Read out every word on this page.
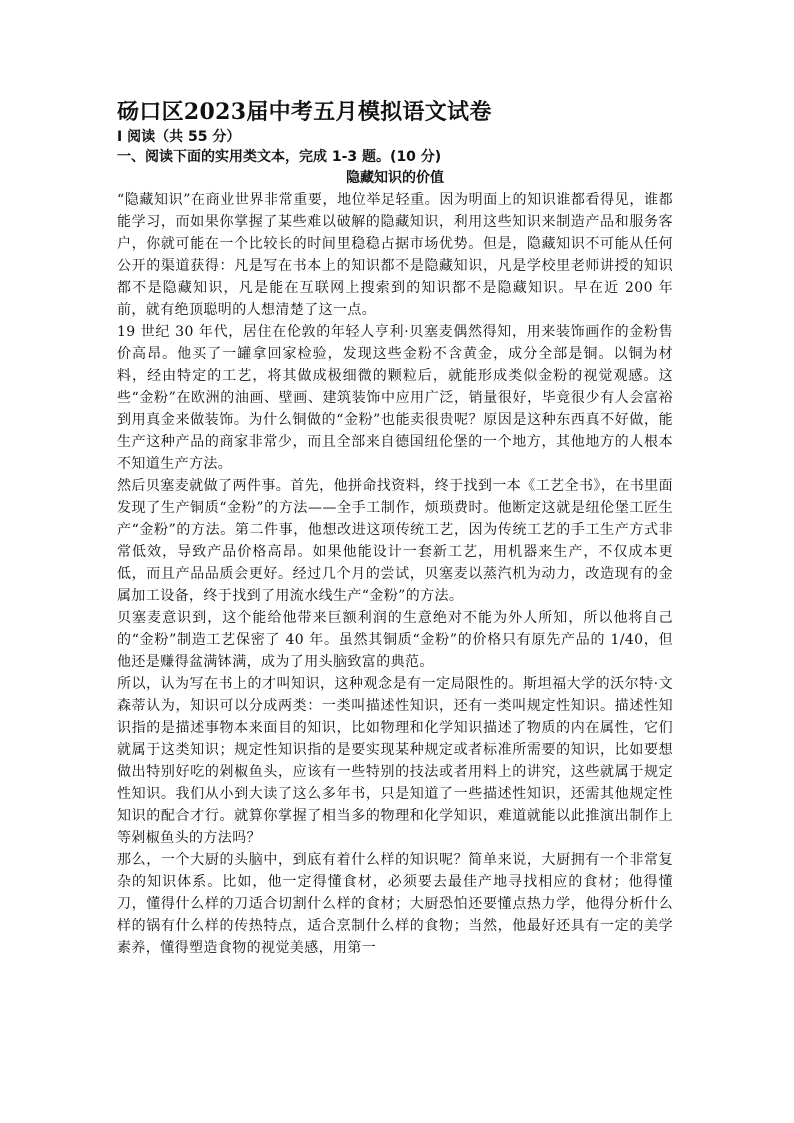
砀口区2023届中考五月模拟语文试卷
Ⅰ 阅读（共 55 分）
一、阅读下面的实用类文本，完成 1-3 题。(10 分)
隐藏知识的价值

“隐藏知识”在商业世界非常重要，地位举足轻重。因为明面上的知识谁都看得见，谁都能学习，而如果你掌握了某些难以破解的隐藏知识，利用这些知识来制造产品和服务客户，你就可能在一个比较长的时间里稳稳占据市场优势。但是，隐藏知识不可能从任何公开的渠道获得：凡是写在书本上的知识都不是隐藏知识，凡是学校里老师讲授的知识都不是隐藏知识，凡是能在互联网上搜索到的知识都不是隐藏知识。早在近 200 年前，就有绝顶聪明的人想清楚了这一点。

19 世纪 30 年代，居住在伦敦的年轻人亨利·贝塞麦偶然得知，用来装饰画作的金粉售价高昂。他买了一罐拿回家检验，发现这些金粉不含黄金，成分全部是铜。以铜为材料，经由特定的工艺，将其做成极细微的颗粒后，就能形成类似金粉的视觉观感。这些“金粉”在欧洲的油画、壁画、建筑装饰中应用广泛，销量很好，毕竟很少有人会富裕到用真金来做装饰。为什么铜做的“金粉”也能卖很贵呢？原因是这种东西真不好做，能生产这种产品的商家非常少，而且全部来自德国纽伦堡的一个地方，其他地方的人根本不知道生产方法。

然后贝塞麦就做了两件事。首先，他拼命找资料，终于找到一本《工艺全书》，在书里面发现了生产铜质“金粉”的方法——全手工制作，烦琐费时。他断定这就是纽伦堡工匠生产“金粉”的方法。第二件事，他想改进这项传统工艺，因为传统工艺的手工生产方式非常低效，导致产品价格高昂。如果他能设计一套新工艺，用机器来生产，不仅成本更低，而且产品品质会更好。经过几个月的尝试，贝塞麦以蒸汽机为动力，改造现有的金属加工设备，终于找到了用流水线生产“金粉”的方法。

贝塞麦意识到，这个能给他带来巨额利润的生意绝对不能为外人所知，所以他将自己的“金粉”制造工艺保密了 40 年。虽然其铜质“金粉”的价格只有原先产品的 1/40，但他还是赚得盆满钵满，成为了用头脑致富的典范。

所以，认为写在书上的才叫知识，这种观念是有一定局限性的。斯坦福大学的沃尔特·文森蒂认为，知识可以分成两类：一类叫描述性知识，还有一类叫规定性知识。描述性知识指的是描述事物本来面目的知识，比如物理和化学知识描述了物质的内在属性，它们就属于这类知识；规定性知识指的是要实现某种规定或者标准所需要的知识，比如要想做出特别好吃的剁椒鱼头，应该有一些特别的技法或者用料上的讲究，这些就属于规定性知识。我们从小到大读了这么多年书，只是知道了一些描述性知识，还需其他规定性知识的配合才行。就算你掌握了相当多的物理和化学知识，难道就能以此推演出制作上等剁椒鱼头的方法吗？

那么，一个大厨的头脑中，到底有着什么样的知识呢？简单来说，大厨拥有一个非常复杂的知识体系。比如，他一定得懂食材，必须要去最佳产地寻找相应的食材；他得懂刀，懂得什么样的刀适合切割什么样的食材；大厨恐怕还要懂点热力学，他得分析什么样的锅有什么样的传热特点，适合烹制什么样的食物；当然，他最好还具有一定的美学素养，懂得塑造食物的视觉美感，用第一
